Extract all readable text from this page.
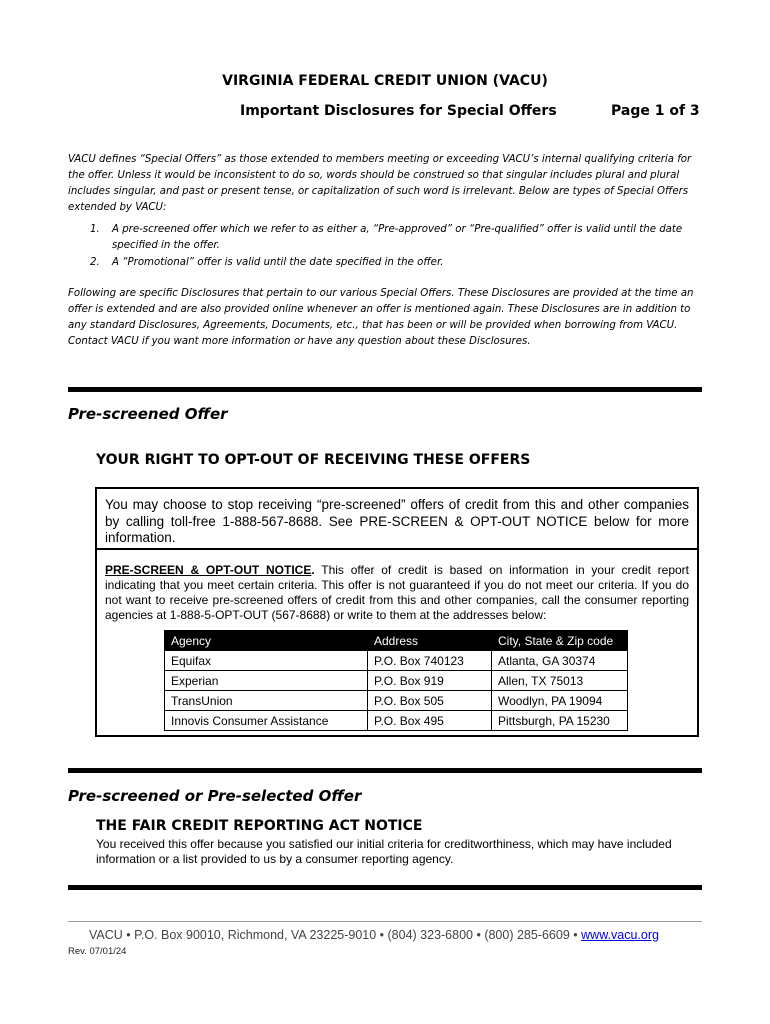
VIRGINIA FEDERAL CREDIT UNION (VACU)
Important Disclosures for Special Offers	Page 1 of 3
VACU defines “Special Offers” as those extended to members meeting or exceeding VACU’s internal qualifying criteria for the offer. Unless it would be inconsistent to do so, words should be construed so that singular includes plural and plural includes singular, and past or present tense, or capitalization of such word is irrelevant. Below are types of Special Offers extended by VACU:
1. A pre-screened offer which we refer to as either a, “Pre-approved” or “Pre-qualified” offer is valid until the date specified in the offer.
2. A “Promotional” offer is valid until the date specified in the offer.
Following are specific Disclosures that pertain to our various Special Offers. These Disclosures are provided at the time an offer is extended and are also provided online whenever an offer is mentioned again. These Disclosures are in addition to any standard Disclosures, Agreements, Documents, etc., that has been or will be provided when borrowing from VACU. Contact VACU if you want more information or have any question about these Disclosures.
Pre-screened Offer
YOUR RIGHT TO OPT-OUT OF RECEIVING THESE OFFERS
You may choose to stop receiving “pre-screened” offers of credit from this and other companies by calling toll-free 1-888-567-8688. See PRE-SCREEN & OPT-OUT NOTICE below for more information.
PRE-SCREEN & OPT-OUT NOTICE. This offer of credit is based on information in your credit report indicating that you meet certain criteria. This offer is not guaranteed if you do not meet our criteria. If you do not want to receive pre-screened offers of credit from this and other companies, call the consumer reporting agencies at 1-888-5-OPT-OUT (567-8688) or write to them at the addresses below:
Agency	Address	City, State & Zip code
Equifax	P.O. Box 740123	Atlanta, GA 30374
Experian	P.O. Box 919	Allen, TX 75013
TransUnion	P.O. Box 505	Woodlyn, PA 19094
Innovis Consumer Assistance	P.O. Box 495	Pittsburgh, PA 15230
Pre-screened or Pre-selected Offer
THE FAIR CREDIT REPORTING ACT NOTICE
You received this offer because you satisfied our initial criteria for creditworthiness, which may have included information or a list provided to us by a consumer reporting agency.
VACU • P.O. Box 90010, Richmond, VA 23225-9010 • (804) 323-6800 • (800) 285-6609 • www.vacu.org
Rev. 07/01/24
